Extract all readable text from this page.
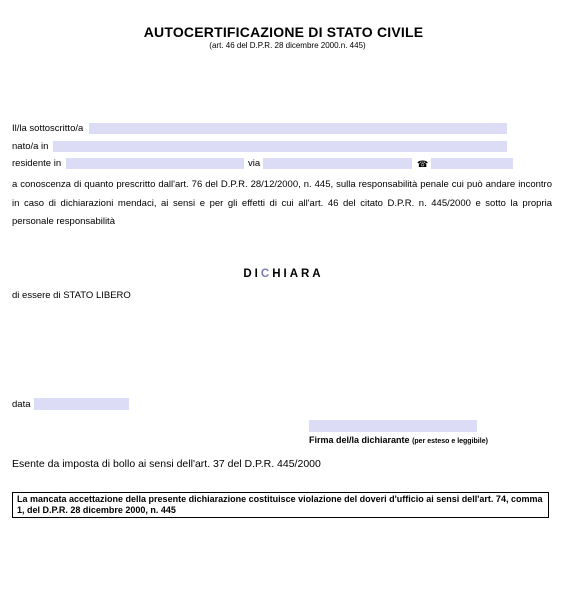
AUTOCERTIFICAZIONE DI STATO CIVILE
(art. 46 del D.P.R. 28 dicembre 2000.n. 445)
Il/la sottoscritto/a
nato/a in
residente in	via	☎
a conoscenza di quanto prescritto dall'art. 76 del D.P.R. 28/12/2000, n. 445, sulla responsabilità penale cui può andare incontro in caso di dichiarazioni mendaci, ai sensi e per gli effetti di cui all'art. 46 del citato D.P.R. n. 445/2000 e sotto la propria personale responsabilità
DICHIARA
di essere di STATO LIBERO
data
Firma del/la dichiarante (per esteso e leggibile)
Esente da imposta di bollo ai sensi dell'art. 37 del D.P.R. 445/2000
La mancata accettazione della presente dichiarazione costituisce violazione del doveri d'ufficio ai sensi dell'art. 74, comma 1, del D.P.R. 28 dicembre 2000, n. 445
